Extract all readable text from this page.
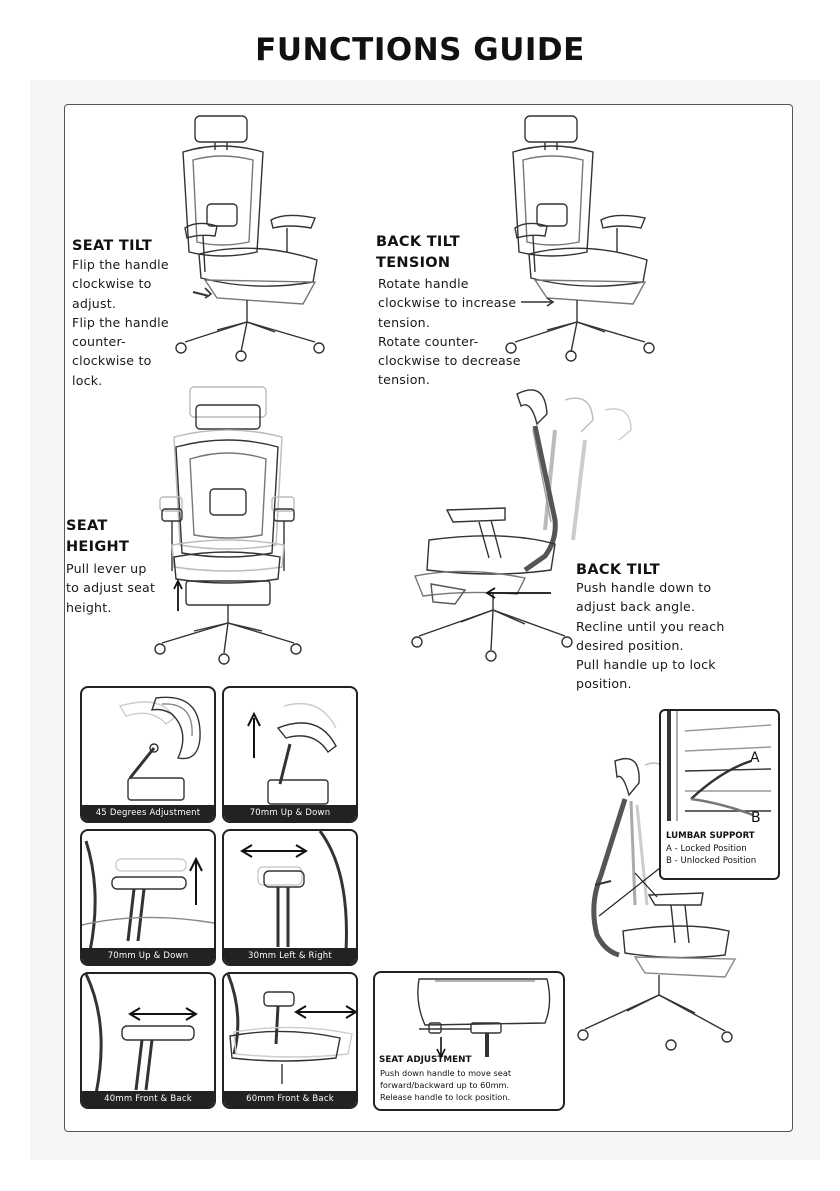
FUNCTIONS GUIDE
SEAT TILT
Flip the handle
clockwise to
adjust.
Flip the handle
counter-
clockwise to
lock.
BACK TILT
TENSION
Rotate handle
clockwise to increase
tension.
Rotate counter-
clockwise to decrease
tension.
SEAT
HEIGHT
Pull lever up
to adjust seat
height.
BACK TILT
Push handle down to
adjust back angle.
Recline until you reach
desired position.
Pull handle up to lock
position.
45 Degrees Adjustment	70mm Up & Down
70mm Up & Down	30mm Left & Right
40mm Front & Back	60mm Front & Back
SEAT ADJUSTMENT
Push down handle to move seat
forward/backward up to 60mm.
Release handle to lock position.
A
B
LUMBAR SUPPORT
A - Locked Position
B - Unlocked Position
